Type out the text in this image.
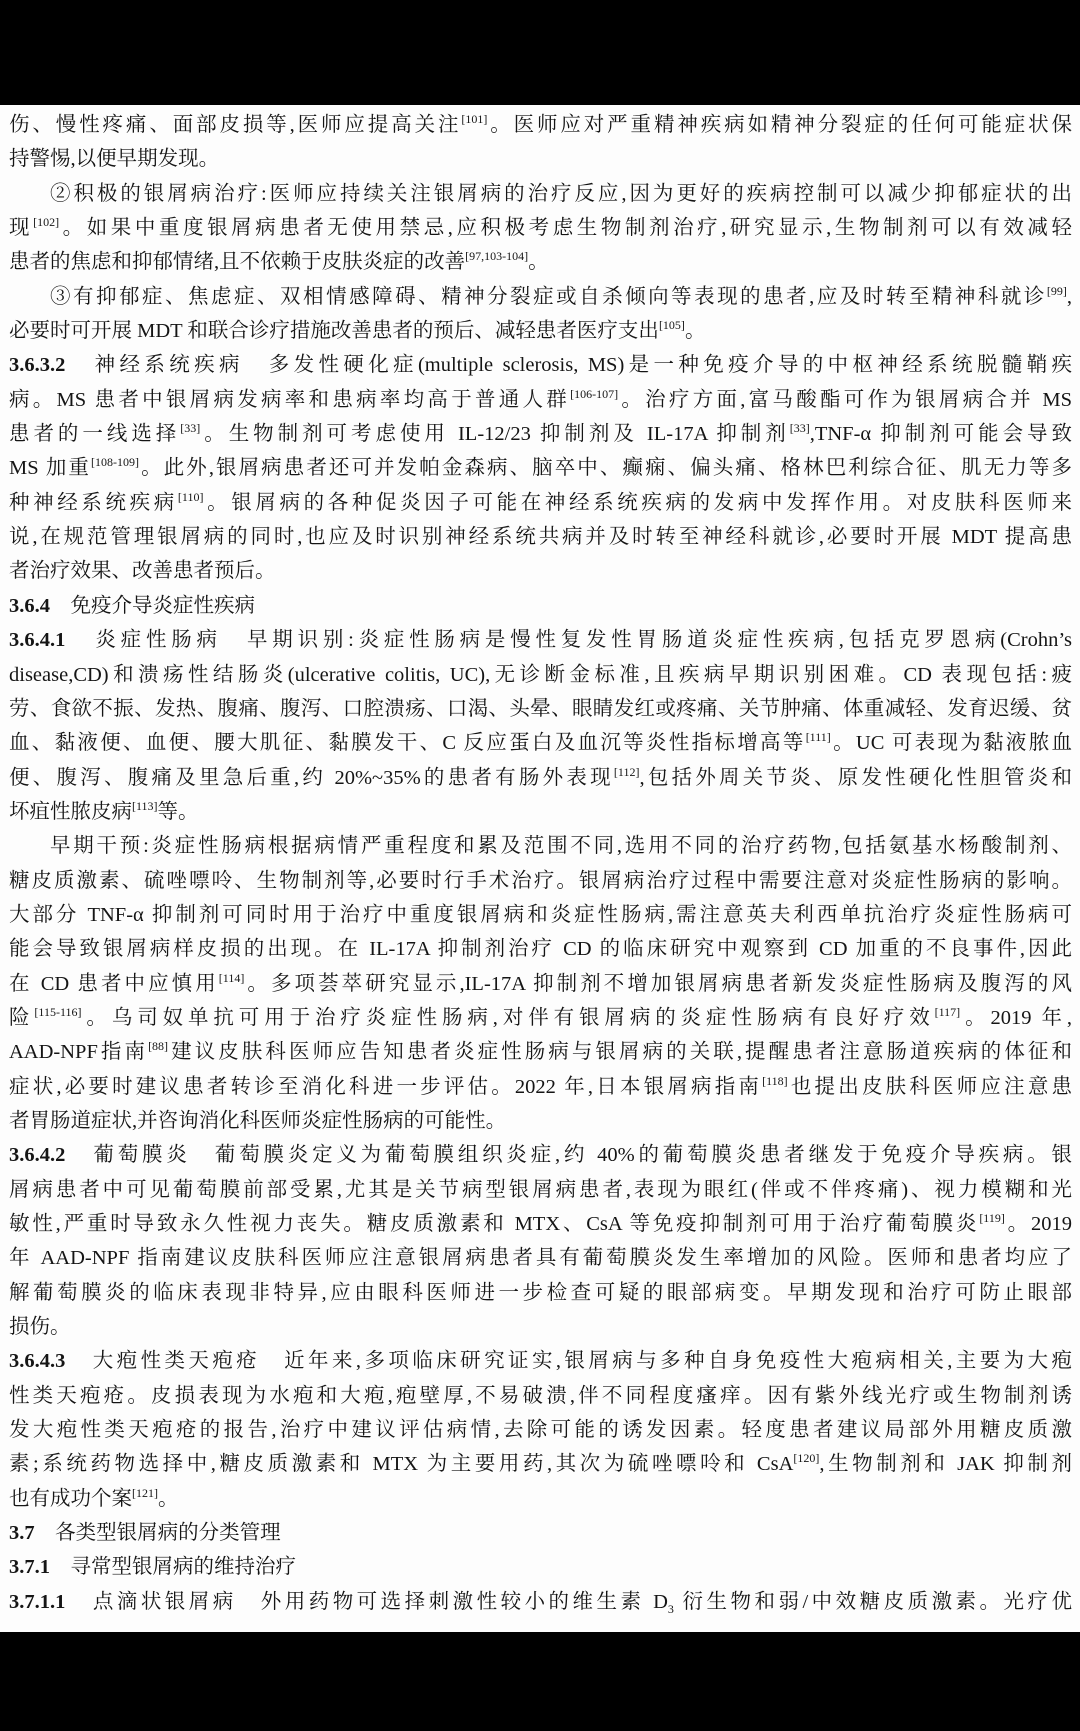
伤、慢性疼痛、面部皮损等,医师应提高关注[101]。医师应对严重精神疾病如精神分裂症的任何可能症状保
持警惕,以便早期发现。
②积极的银屑病治疗:医师应持续关注银屑病的治疗反应,因为更好的疾病控制可以减少抑郁症状的出
现[102]。如果中重度银屑病患者无使用禁忌,应积极考虑生物制剂治疗,研究显示,生物制剂可以有效减轻
患者的焦虑和抑郁情绪,且不依赖于皮肤炎症的改善[97,103-104]。
③有抑郁症、焦虑症、双相情感障碍、精神分裂症或自杀倾向等表现的患者,应及时转至精神科就诊[99],
必要时可开展 MDT 和联合诊疗措施改善患者的预后、减轻患者医疗支出[105]。
3.6.3.2　神经系统疾病　多发性硬化症(multiple sclerosis, MS)是一种免疫介导的中枢神经系统脱髓鞘疾
病。MS 患者中银屑病发病率和患病率均高于普通人群[106-107]。治疗方面,富马酸酯可作为银屑病合并 MS
患者的一线选择[33]。生物制剂可考虑使用 IL-12/23 抑制剂及 IL-17A 抑制剂[33],TNF-α 抑制剂可能会导致
MS 加重[108-109]。此外,银屑病患者还可并发帕金森病、脑卒中、癫痫、偏头痛、格林巴利综合征、肌无力等多
种神经系统疾病[110]。银屑病的各种促炎因子可能在神经系统疾病的发病中发挥作用。对皮肤科医师来
说,在规范管理银屑病的同时,也应及时识别神经系统共病并及时转至神经科就诊,必要时开展 MDT 提高患
者治疗效果、改善患者预后。
3.6.4　免疫介导炎症性疾病
3.6.4.1　炎症性肠病　早期识别:炎症性肠病是慢性复发性胃肠道炎症性疾病,包括克罗恩病(Crohn’s
disease,CD)和溃疡性结肠炎(ulcerative colitis, UC),无诊断金标准,且疾病早期识别困难。CD 表现包括:疲
劳、食欲不振、发热、腹痛、腹泻、口腔溃疡、口渴、头晕、眼睛发红或疼痛、关节肿痛、体重减轻、发育迟缓、贫
血、黏液便、血便、腰大肌征、黏膜发干、C 反应蛋白及血沉等炎性指标增高等[111]。UC 可表现为黏液脓血
便、腹泻、腹痛及里急后重,约 20%~35%的患者有肠外表现[112],包括外周关节炎、原发性硬化性胆管炎和
坏疽性脓皮病[113]等。
早期干预:炎症性肠病根据病情严重程度和累及范围不同,选用不同的治疗药物,包括氨基水杨酸制剂、
糖皮质激素、硫唑嘌呤、生物制剂等,必要时行手术治疗。银屑病治疗过程中需要注意对炎症性肠病的影响。
大部分 TNF-α 抑制剂可同时用于治疗中重度银屑病和炎症性肠病,需注意英夫利西单抗治疗炎症性肠病可
能会导致银屑病样皮损的出现。在 IL-17A 抑制剂治疗 CD 的临床研究中观察到 CD 加重的不良事件,因此
在 CD 患者中应慎用[114]。多项荟萃研究显示,IL-17A 抑制剂不增加银屑病患者新发炎症性肠病及腹泻的风
险[115-116]。乌司奴单抗可用于治疗炎症性肠病,对伴有银屑病的炎症性肠病有良好疗效[117]。2019 年,
AAD-NPF指南[88]建议皮肤科医师应告知患者炎症性肠病与银屑病的关联,提醒患者注意肠道疾病的体征和
症状,必要时建议患者转诊至消化科进一步评估。2022 年,日本银屑病指南[118]也提出皮肤科医师应注意患
者胃肠道症状,并咨询消化科医师炎症性肠病的可能性。
3.6.4.2　葡萄膜炎　葡萄膜炎定义为葡萄膜组织炎症,约 40%的葡萄膜炎患者继发于免疫介导疾病。银
屑病患者中可见葡萄膜前部受累,尤其是关节病型银屑病患者,表现为眼红(伴或不伴疼痛)、视力模糊和光
敏性,严重时导致永久性视力丧失。糖皮质激素和 MTX、CsA 等免疫抑制剂可用于治疗葡萄膜炎[119]。2019
年 AAD-NPF 指南建议皮肤科医师应注意银屑病患者具有葡萄膜炎发生率增加的风险。医师和患者均应了
解葡萄膜炎的临床表现非特异,应由眼科医师进一步检查可疑的眼部病变。早期发现和治疗可防止眼部
损伤。
3.6.4.3　大疱性类天疱疮　近年来,多项临床研究证实,银屑病与多种自身免疫性大疱病相关,主要为大疱
性类天疱疮。皮损表现为水疱和大疱,疱壁厚,不易破溃,伴不同程度瘙痒。因有紫外线光疗或生物制剂诱
发大疱性类天疱疮的报告,治疗中建议评估病情,去除可能的诱发因素。轻度患者建议局部外用糖皮质激
素;系统药物选择中,糖皮质激素和 MTX 为主要用药,其次为硫唑嘌呤和 CsA[120],生物制剂和 JAK 抑制剂
也有成功个案[121]。
3.7　各类型银屑病的分类管理
3.7.1　寻常型银屑病的维持治疗
3.7.1.1　点滴状银屑病　外用药物可选择刺激性较小的维生素 $D_3$ 衍生物和弱/中效糖皮质激素。光疗优
